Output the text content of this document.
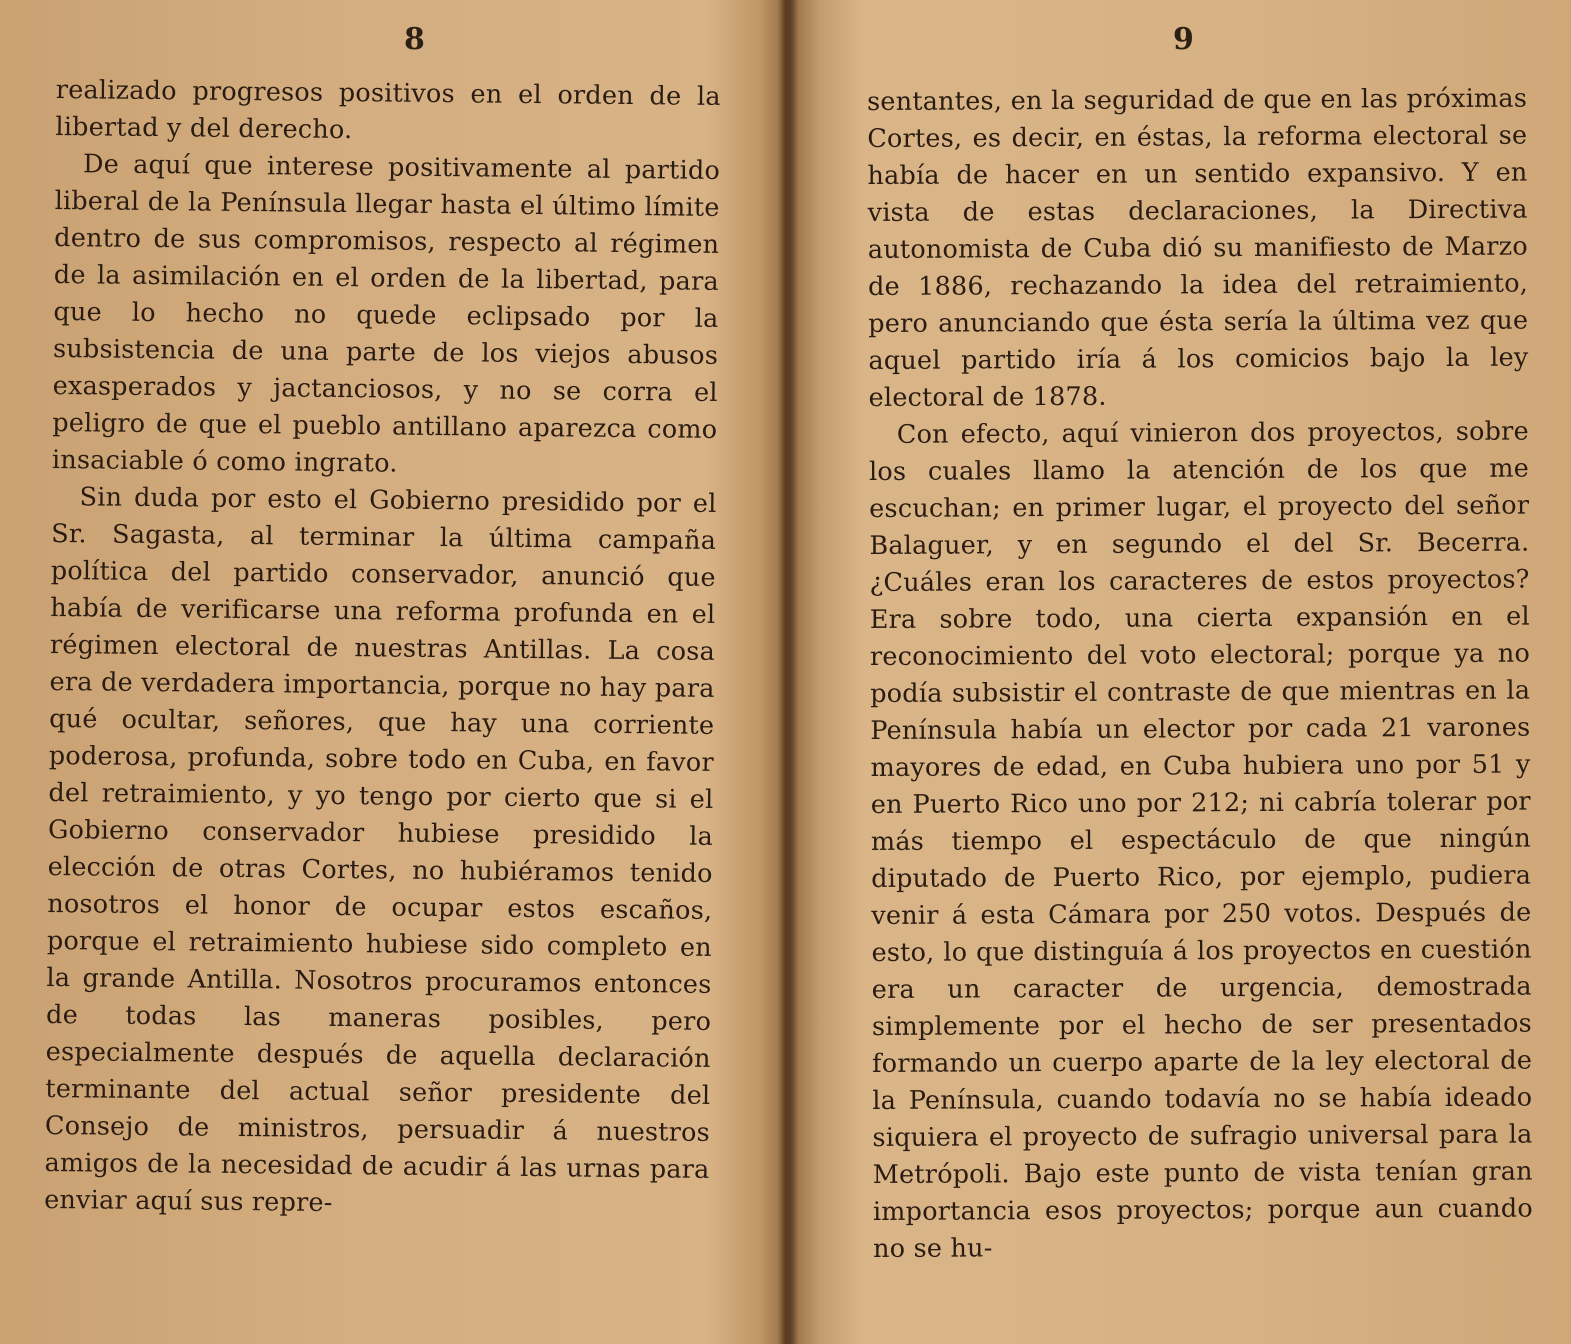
8

realizado progresos positivos en el orden de la libertad y del derecho.

De aquí que interese positivamente al partido liberal de la Península llegar hasta el último límite dentro de sus compromisos, respecto al régimen de la asimilación en el orden de la libertad, para que lo hecho no quede eclipsado por la subsistencia de una parte de los viejos abusos exasperados y jactanciosos, y no se corra el peligro de que el pueblo antillano aparezca como insaciable ó como ingrato.

Sin duda por esto el Gobierno presidido por el Sr. Sagasta, al terminar la última campaña política del partido conservador, anunció que había de verificarse una reforma profunda en el régimen electoral de nuestras Antillas. La cosa era de verdadera importancia, porque no hay para qué ocultar, señores, que hay una corriente poderosa, profunda, sobre todo en Cuba, en favor del retraimiento, y yo tengo por cierto que si el Gobierno conservador hubiese presidido la elección de otras Cortes, no hubiéramos tenido nosotros el honor de ocupar estos escaños, porque el retraimiento hubiese sido completo en la grande Antilla. Nosotros procuramos entonces de todas las maneras posibles, pero especialmente después de aquella declaración terminante del actual señor presidente del Consejo de ministros, persuadir á nuestros amigos de la necesidad de acudir á las urnas para enviar aquí sus repre-

9

sentantes, en la seguridad de que en las próximas Cortes, es decir, en éstas, la reforma electoral se había de hacer en un sentido expansivo. Y en vista de estas declaraciones, la Directiva autonomista de Cuba dió su manifiesto de Marzo de 1886, rechazando la idea del retraimiento, pero anunciando que ésta sería la última vez que aquel partido iría á los comicios bajo la ley electoral de 1878.

Con efecto, aquí vinieron dos proyectos, sobre los cuales llamo la atención de los que me escuchan; en primer lugar, el proyecto del señor Balaguer, y en segundo el del Sr. Becerra. ¿Cuáles eran los caracteres de estos proyectos? Era sobre todo, una cierta expansión en el reconocimiento del voto electoral; porque ya no podía subsistir el contraste de que mientras en la Península había un elector por cada 21 varones mayores de edad, en Cuba hubiera uno por 51 y en Puerto Rico uno por 212; ni cabría tolerar por más tiempo el espectáculo de que ningún diputado de Puerto Rico, por ejemplo, pudiera venir á esta Cámara por 250 votos. Después de esto, lo que distinguía á los proyectos en cuestión era un caracter de urgencia, demostrada simplemente por el hecho de ser presentados formando un cuerpo aparte de la ley electoral de la Península, cuando todavía no se había ideado siquiera el proyecto de sufragio universal para la Metrópoli. Bajo este punto de vista tenían gran importancia esos proyectos; porque aun cuando no se hu-
